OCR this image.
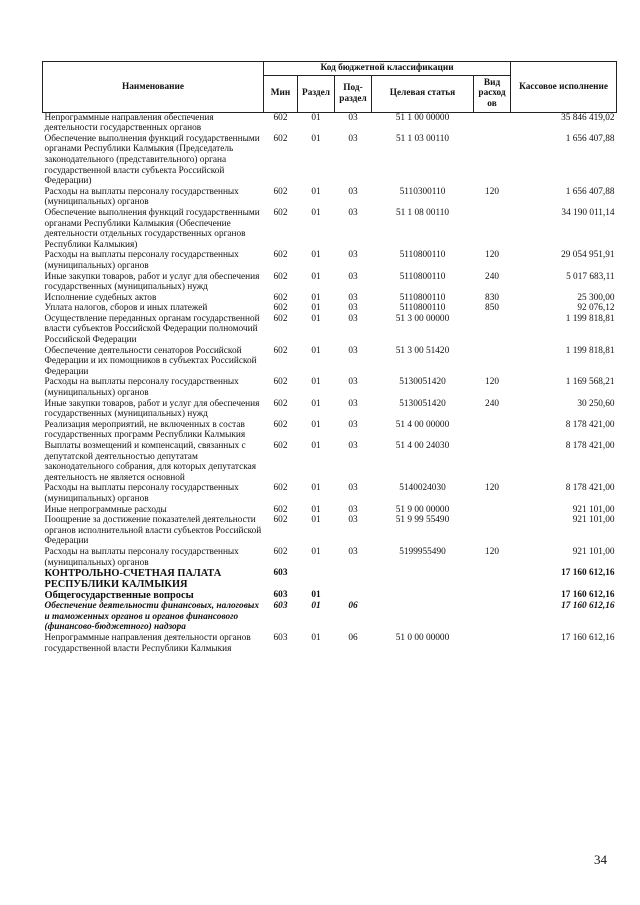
Наименование	Код бюджетной классификации					Кассовое исполнение
	Мин	Раздел	Под-раздел	Целевая статья	Вид расход ов	
Непрограммные направления обеспечения деятельности государственных органов	602	01	03	51 1 00 00000		35 846 419,02
Обеспечение выполнения функций государственными органами Республики Калмыкия (Председатель законодательного (представительного) органа государственной власти субъекта Российской Федерации)	602	01	03	51 1 03 00110		1 656 407,88
Расходы на выплаты персоналу государственных (муниципальных) органов	602	01	03	5110300110	120	1 656 407,88
Обеспечение выполнения функций государственными органами Республики Калмыкия (Обеспечение деятельности отдельных государственных органов Республики Калмыкия)	602	01	03	51 1 08 00110		34 190 011,14
Расходы на выплаты персоналу государственных (муниципальных) органов	602	01	03	5110800110	120	29 054 951,91
Иные закупки товаров, работ и услуг для обеспечения государственных (муниципальных) нужд	602	01	03	5110800110	240	5 017 683,11
Исполнение судебных актов	602	01	03	5110800110	830	25 300,00
Уплата налогов, сборов и иных платежей	602	01	03	5110800110	850	92 076,12
Осуществление переданных органам государственной власти субъектов Российской Федерации полномочий Российской Федерации	602	01	03	51 3 00 00000		1 199 818,81
Обеспечение деятельности сенаторов Российской Федерации и их помощников в субъектах Российской Федерации	602	01	03	51 3 00 51420		1 199 818,81
Расходы на выплаты персоналу государственных (муниципальных) органов	602	01	03	5130051420	120	1 169 568,21
Иные закупки товаров, работ и услуг для обеспечения государственных (муниципальных) нужд	602	01	03	5130051420	240	30 250,60
Реализация мероприятий, не включенных в состав государственных программ Республики Калмыкия	602	01	03	51 4 00 00000		8 178 421,00
Выплаты возмещений и компенсаций, связанных с депутатской деятельностью депутатам законодательного собрания, для которых депутатская деятельность не является основной	602	01	03	51 4 00 24030		8 178 421,00
Расходы на выплаты персоналу государственных (муниципальных) органов	602	01	03	5140024030	120	8 178 421,00
Иные непрограммные расходы	602	01	03	51 9 00 00000		921 101,00
Поощрение за достижение показателей деятельности органов исполнительной власти субъектов Российской Федерации	602	01	03	51 9 99 55490		921 101,00
Расходы на выплаты персоналу государственных (муниципальных) органов	602	01	03	5199955490	120	921 101,00
КОНТРОЛЬНО-СЧЕТНАЯ ПАЛАТА РЕСПУБЛИКИ КАЛМЫКИЯ	603					17 160 612,16
Общегосударственные вопросы	603	01				17 160 612,16
Обеспечение деятельности финансовых, налоговых и таможенных органов и органов финансового (финансово-бюджетного) надзора	603	01	06			17 160 612,16
Непрограммные направления деятельности органов государственной власти Республики Калмыкия	603	01	06	51 0 00 00000		17 160 612,16
34
